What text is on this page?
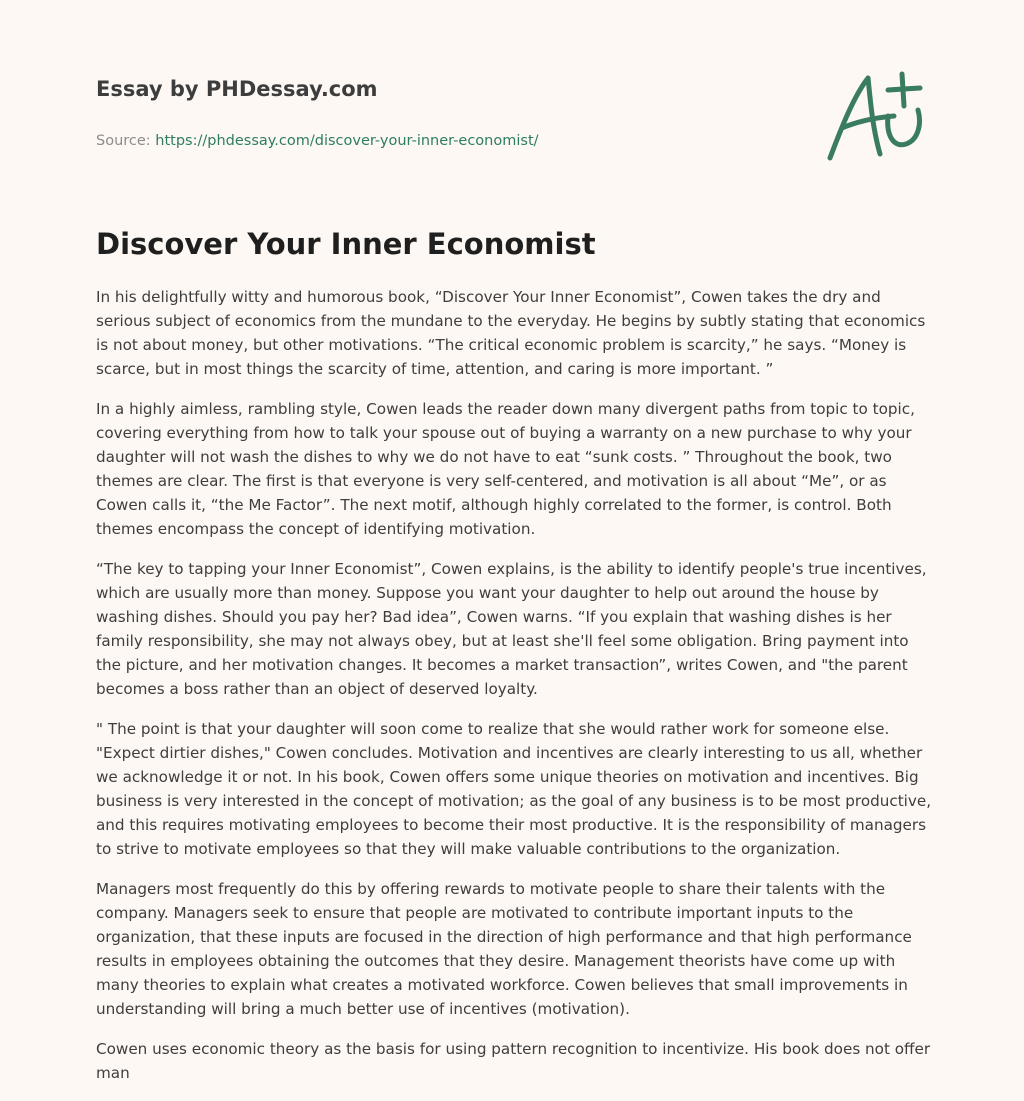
Essay by PHDessay.com
Source: https://phdessay.com/discover-your-inner-economist/
Discover Your Inner Economist

In his delightfully witty and humorous book, “Discover Your Inner Economist”, Cowen takes the dry and serious subject of economics from the mundane to the everyday. He begins by subtly stating that economics is not about money, but other motivations. “The critical economic problem is scarcity,” he says. “Money is scarce, but in most things the scarcity of time, attention, and caring is more important. ”

In a highly aimless, rambling style, Cowen leads the reader down many divergent paths from topic to topic, covering everything from how to talk your spouse out of buying a warranty on a new purchase to why your daughter will not wash the dishes to why we do not have to eat “sunk costs. ” Throughout the book, two themes are clear. The first is that everyone is very self-centered, and motivation is all about “Me”, or as Cowen calls it, “the Me Factor”. The next motif, although highly correlated to the former, is control. Both themes encompass the concept of identifying motivation.

“The key to tapping your Inner Economist”, Cowen explains, is the ability to identify people's true incentives, which are usually more than money. Suppose you want your daughter to help out around the house by washing dishes. Should you pay her? Bad idea”, Cowen warns. “If you explain that washing dishes is her family responsibility, she may not always obey, but at least she'll feel some obligation. Bring payment into the picture, and her motivation changes. It becomes a market transaction”, writes Cowen, and "the parent becomes a boss rather than an object of deserved loyalty.

" The point is that your daughter will soon come to realize that she would rather work for someone else. "Expect dirtier dishes," Cowen concludes. Motivation and incentives are clearly interesting to us all, whether we acknowledge it or not. In his book, Cowen offers some unique theories on motivation and incentives. Big business is very interested in the concept of motivation; as the goal of any business is to be most productive, and this requires motivating employees to become their most productive. It is the responsibility of managers to strive to motivate employees so that they will make valuable contributions to the organization.

Managers most frequently do this by offering rewards to motivate people to share their talents with the company. Managers seek to ensure that people are motivated to contribute important inputs to the organization, that these inputs are focused in the direction of high performance and that high performance results in employees obtaining the outcomes that they desire. Management theorists have come up with many theories to explain what creates a motivated workforce. Cowen believes that small improvements in understanding will bring a much better use of incentives (motivation).

Cowen uses economic theory as the basis for using pattern recognition to incentivize. His book does not offer man
